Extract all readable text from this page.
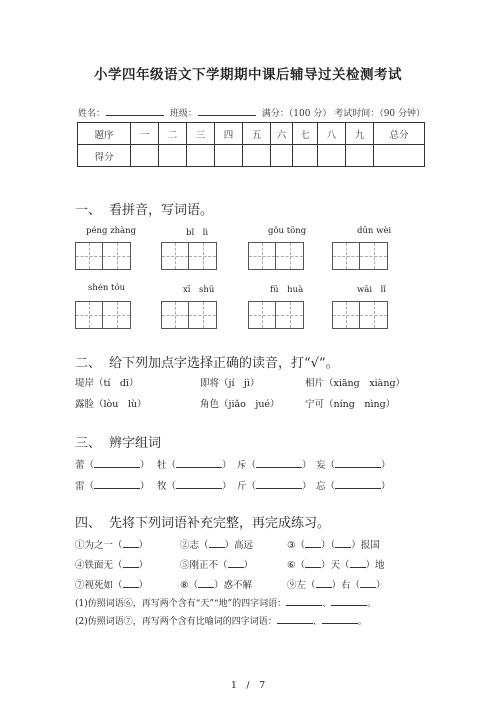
小学四年级语文下学期期中课后辅导过关检测考试
姓名：	班级：	满分：（100 分） 考试时间：（90 分钟）
题序	一	二	三	四	五	六	七	八	九	总分
得分										
一、 看拼音，写词语。
péng zhàng	bǐ　lì	gǒu tōng	dūn wèi
shén tóu	xī　shū	fū　huà	wāi　lǐ
二、 给下列加点字选择正确的读音，打“√”。
堤岸（tí　dī）	即将（jí　jì）	相片（xiāng　xiàng）
露脸（lòu　lù）	角色（jiǎo　jué）	宁可（níng　nìng）
三、 辨字组词
蕾（	） 牡（	） 斥（	） 妄（	）
雷（	） 牧（	） 斤（	） 忘（	）
四、 先将下列词语补充完整，再完成练习。
①为之一（ ）	②志（ ）高远	③（ ）（ ）报国
④铁面无（ ）	⑤刚正不（ ）	⑥（ ）天（ ）地
⑦视死如（ ）	⑧（ ）惑不解	⑨左（ ）右（ ）
(1)仿照词语⑥，再写两个含有“天”“地”的四字词语：	、	。
(2)仿照词语⑦，再写两个含有比喻词的四字词语：	、	。
1　/　7
